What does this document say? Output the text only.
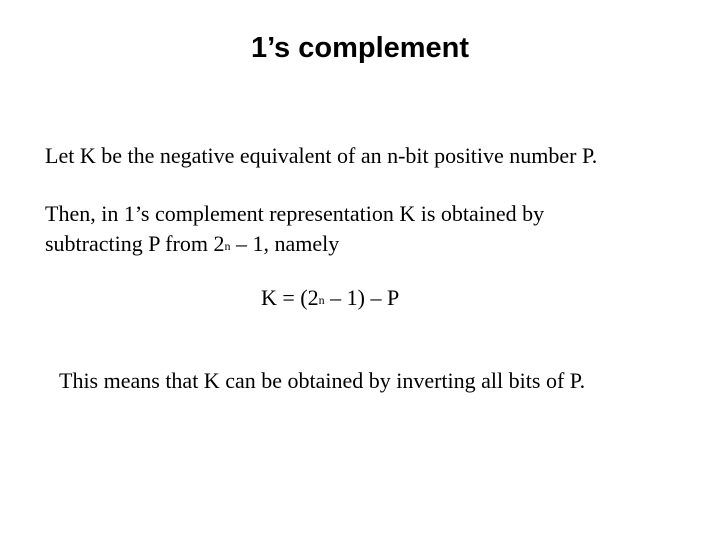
1’s complement

Let K be the negative equivalent of an n-bit positive number P.

Then, in 1’s complement representation K is obtained by
subtracting P from 2$^n$ – 1, namely

$K = (2^n - 1) - P$

This means that K can be obtained by inverting all bits of P.
